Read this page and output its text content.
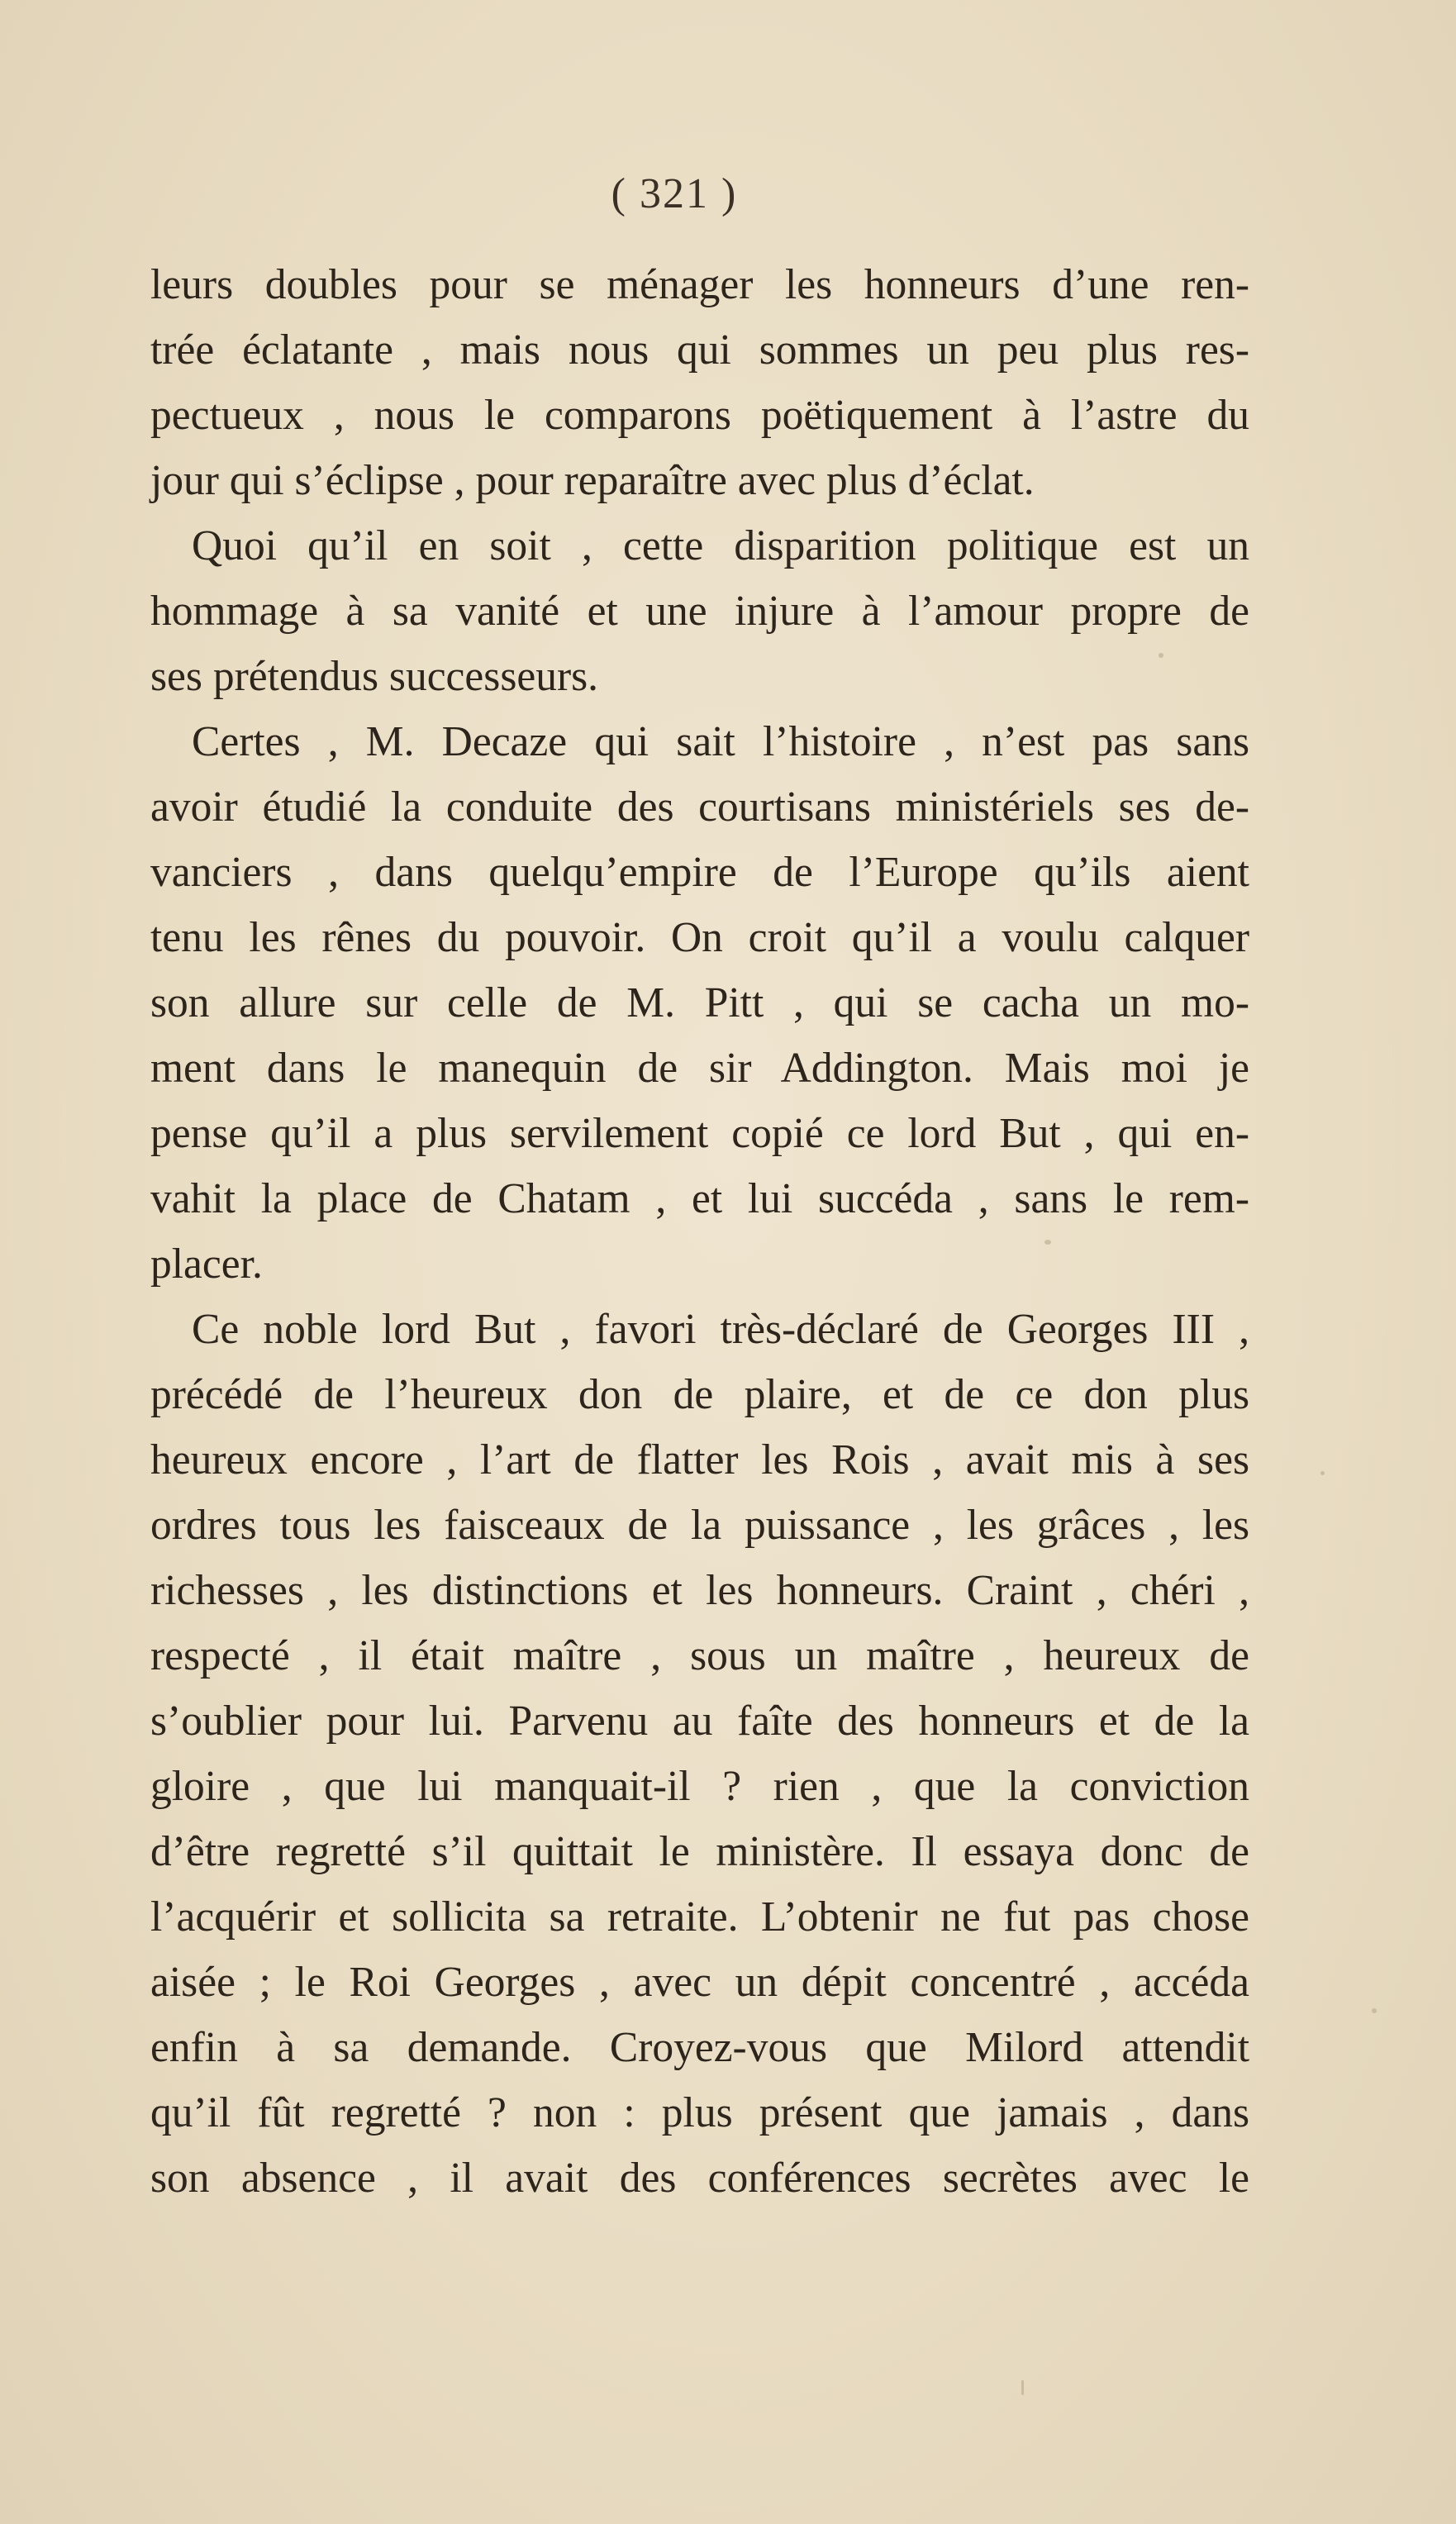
( 321 )
leurs doubles pour se ménager les honneurs d’une ren-
trée éclatante , mais nous qui sommes un peu plus res-
pectueux , nous le comparons poëtiquement à l’astre du
jour qui s’éclipse , pour reparaître avec plus d’éclat.
Quoi qu’il en soit , cette disparition politique est un
hommage à sa vanité et une injure à l’amour propre de
ses prétendus successeurs.
Certes , M. Decaze qui sait l’histoire , n’est pas sans
avoir étudié la conduite des courtisans ministériels ses de-
vanciers , dans quelqu’empire de l’Europe qu’ils aient
tenu les rênes du pouvoir. On croit qu’il a voulu calquer
son allure sur celle de M. Pitt , qui se cacha un mo-
ment dans le manequin de sir Addington. Mais moi je
pense qu’il a plus servilement copié ce lord But , qui en-
vahit la place de Chatam , et lui succéda , sans le rem-
placer.
Ce noble lord But , favori très-déclaré de Georges III ,
précédé de l’heureux don de plaire, et de ce don plus
heureux encore , l’art de flatter les Rois , avait mis à ses
ordres tous les faisceaux de la puissance , les grâces , les
richesses , les distinctions et les honneurs. Craint , chéri ,
respecté , il était maître , sous un maître , heureux de
s’oublier pour lui. Parvenu au faîte des honneurs et de la
gloire , que lui manquait-il ? rien , que la conviction
d’être regretté s’il quittait le ministère. Il essaya donc de
l’acquérir et sollicita sa retraite. L’obtenir ne fut pas chose
aisée ; le Roi Georges , avec un dépit concentré , accéda
enfin à sa demande. Croyez-vous que Milord attendit
qu’il fût regretté ? non : plus présent que jamais , dans
son absence , il avait des conférences secrètes avec le
